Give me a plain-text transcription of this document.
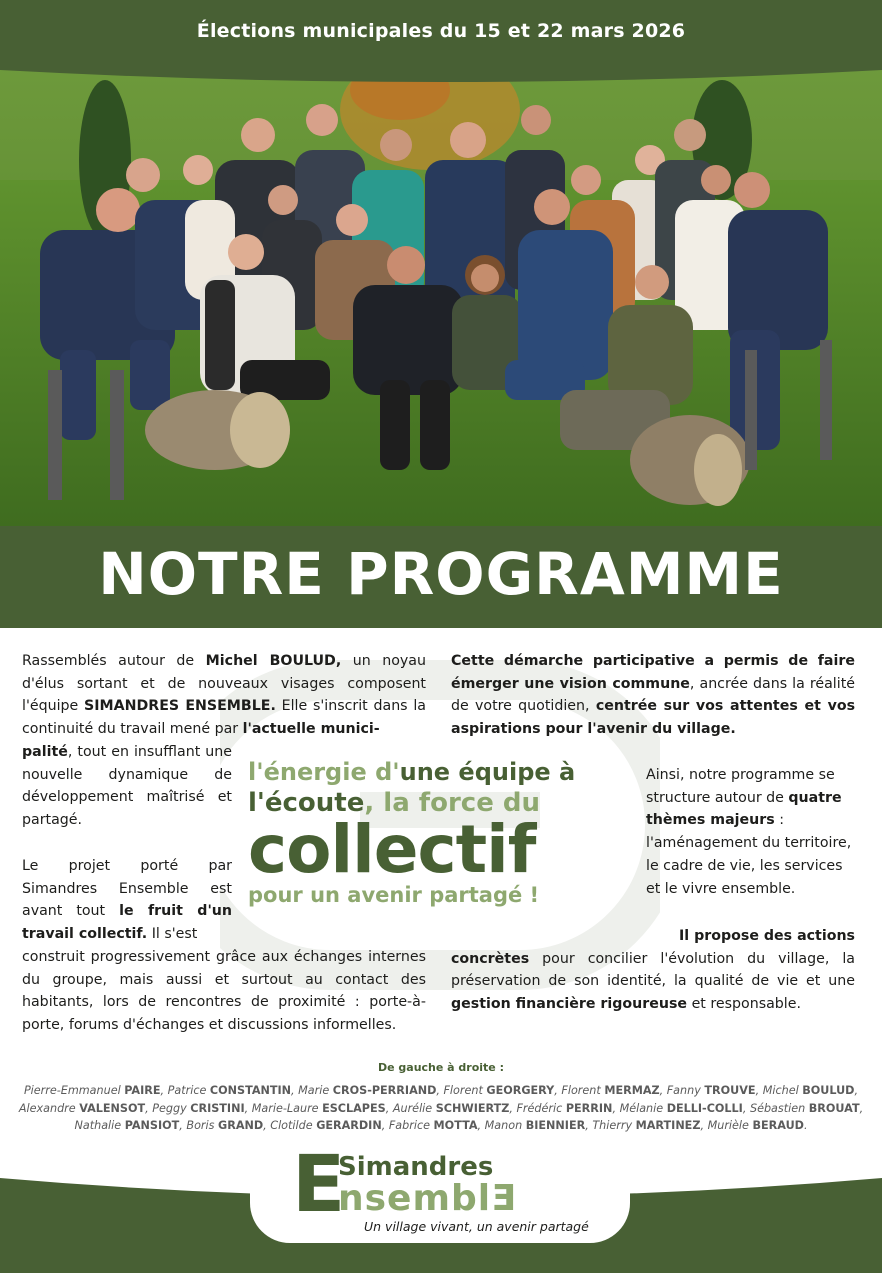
Élections municipales du 15 et 22 mars 2026
NOTRE PROGRAMME
Rassemblés autour de Michel BOULUD, un noyau d'élus sortant et de nouveaux visages composent l'équipe SIMANDRES ENSEMBLE. Elle s'inscrit dans la continuité du travail mené par l'actuelle munici-
palité, tout en insufflant une nouvelle dynamique de développement maîtrisé et partagé.
Le projet porté par Simandres Ensemble est avant tout le fruit d'un travail collectif. Il s'est
construit progressivement grâce aux échanges internes du groupe, mais aussi et surtout au contact des habitants, lors de rencontres de proximité : porte-à-porte, forums d'échanges et discussions informelles.
Cette démarche participative a permis de faire émerger une vision commune, ancrée dans la réalité de votre quotidien, centrée sur vos attentes et vos aspirations pour l'avenir du village.
Ainsi, notre programme se structure autour de quatre thèmes majeurs : l'aménagement du territoire, le cadre de vie, les services et le vivre ensemble.
Il propose des actions
concrètes pour concilier l'évolution du village, la préservation de son identité, la qualité de vie et une gestion financière rigoureuse et responsable.
l'énergie d'une équipe à
l'écoute, la force du
collectif
pour un avenir partagé !
De gauche à droite :
Pierre-Emmanuel PAIRE, Patrice CONSTANTIN, Marie CROS-PERRIAND, Florent GEORGERY, Florent MERMAZ, Fanny TROUVE, Michel BOULUD,
Alexandre VALENSOT, Peggy CRISTINI, Marie-Laure ESCLAPES, Aurélie SCHWIERTZ, Frédéric PERRIN, Mélanie DELLI-COLLI, Sébastien BROUAT,
Nathalie PANSIOT, Boris GRAND, Clotilde GERARDIN, Fabrice MOTTA, Manon BIENNIER, Thierry MARTINEZ, Murièle BERAUD.
E
Simandres
nsemblƎ
Un village vivant, un avenir partagé
